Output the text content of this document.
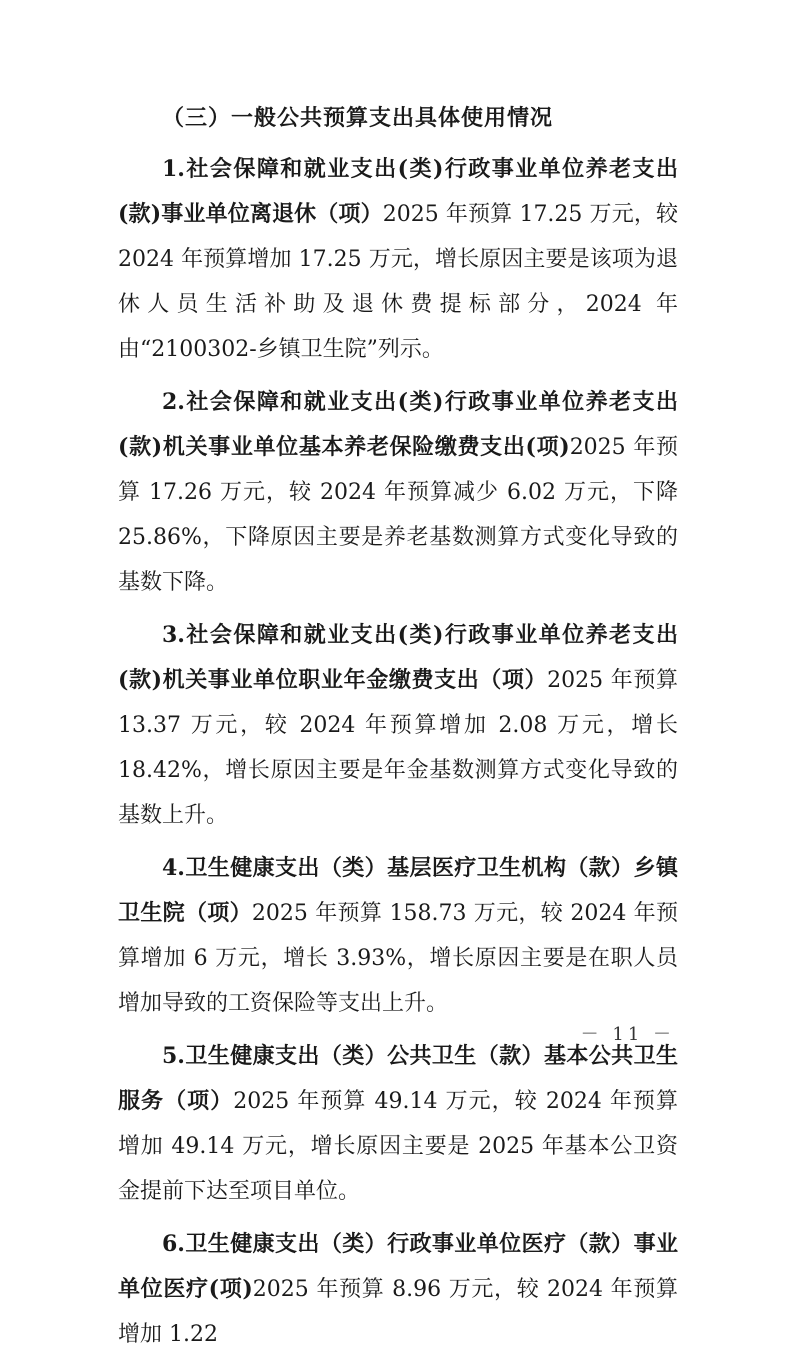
（三）一般公共预算支出具体使用情况

1.社会保障和就业支出(类)行政事业单位养老支出(款)事业单位离退休（项）2025 年预算 17.25 万元，较 2024 年预算增加 17.25 万元，增长原因主要是该项为退休人员生活补助及退休费提标部分，2024 年由“2100302-乡镇卫生院”列示。

2.社会保障和就业支出(类)行政事业单位养老支出(款)机关事业单位基本养老保险缴费支出(项)2025 年预算 17.26 万元，较 2024 年预算减少 6.02 万元，下降 25.86%，下降原因主要是养老基数测算方式变化导致的基数下降。

3.社会保障和就业支出(类)行政事业单位养老支出(款)机关事业单位职业年金缴费支出（项）2025 年预算 13.37 万元，较 2024 年预算增加 2.08 万元，增长 18.42%，增长原因主要是年金基数测算方式变化导致的基数上升。

4.卫生健康支出（类）基层医疗卫生机构（款）乡镇卫生院（项）2025 年预算 158.73 万元，较 2024 年预算增加 6 万元，增长 3.93%，增长原因主要是在职人员增加导致的工资保险等支出上升。

5.卫生健康支出（类）公共卫生（款）基本公共卫生服务（项）2025 年预算 49.14 万元，较 2024 年预算增加 49.14 万元，增长原因主要是 2025 年基本公卫资金提前下达至项目单位。

6.卫生健康支出（类）行政事业单位医疗（款）事业单位医疗(项)2025 年预算 8.96 万元，较 2024 年预算增加 1.22

－ 11 －
